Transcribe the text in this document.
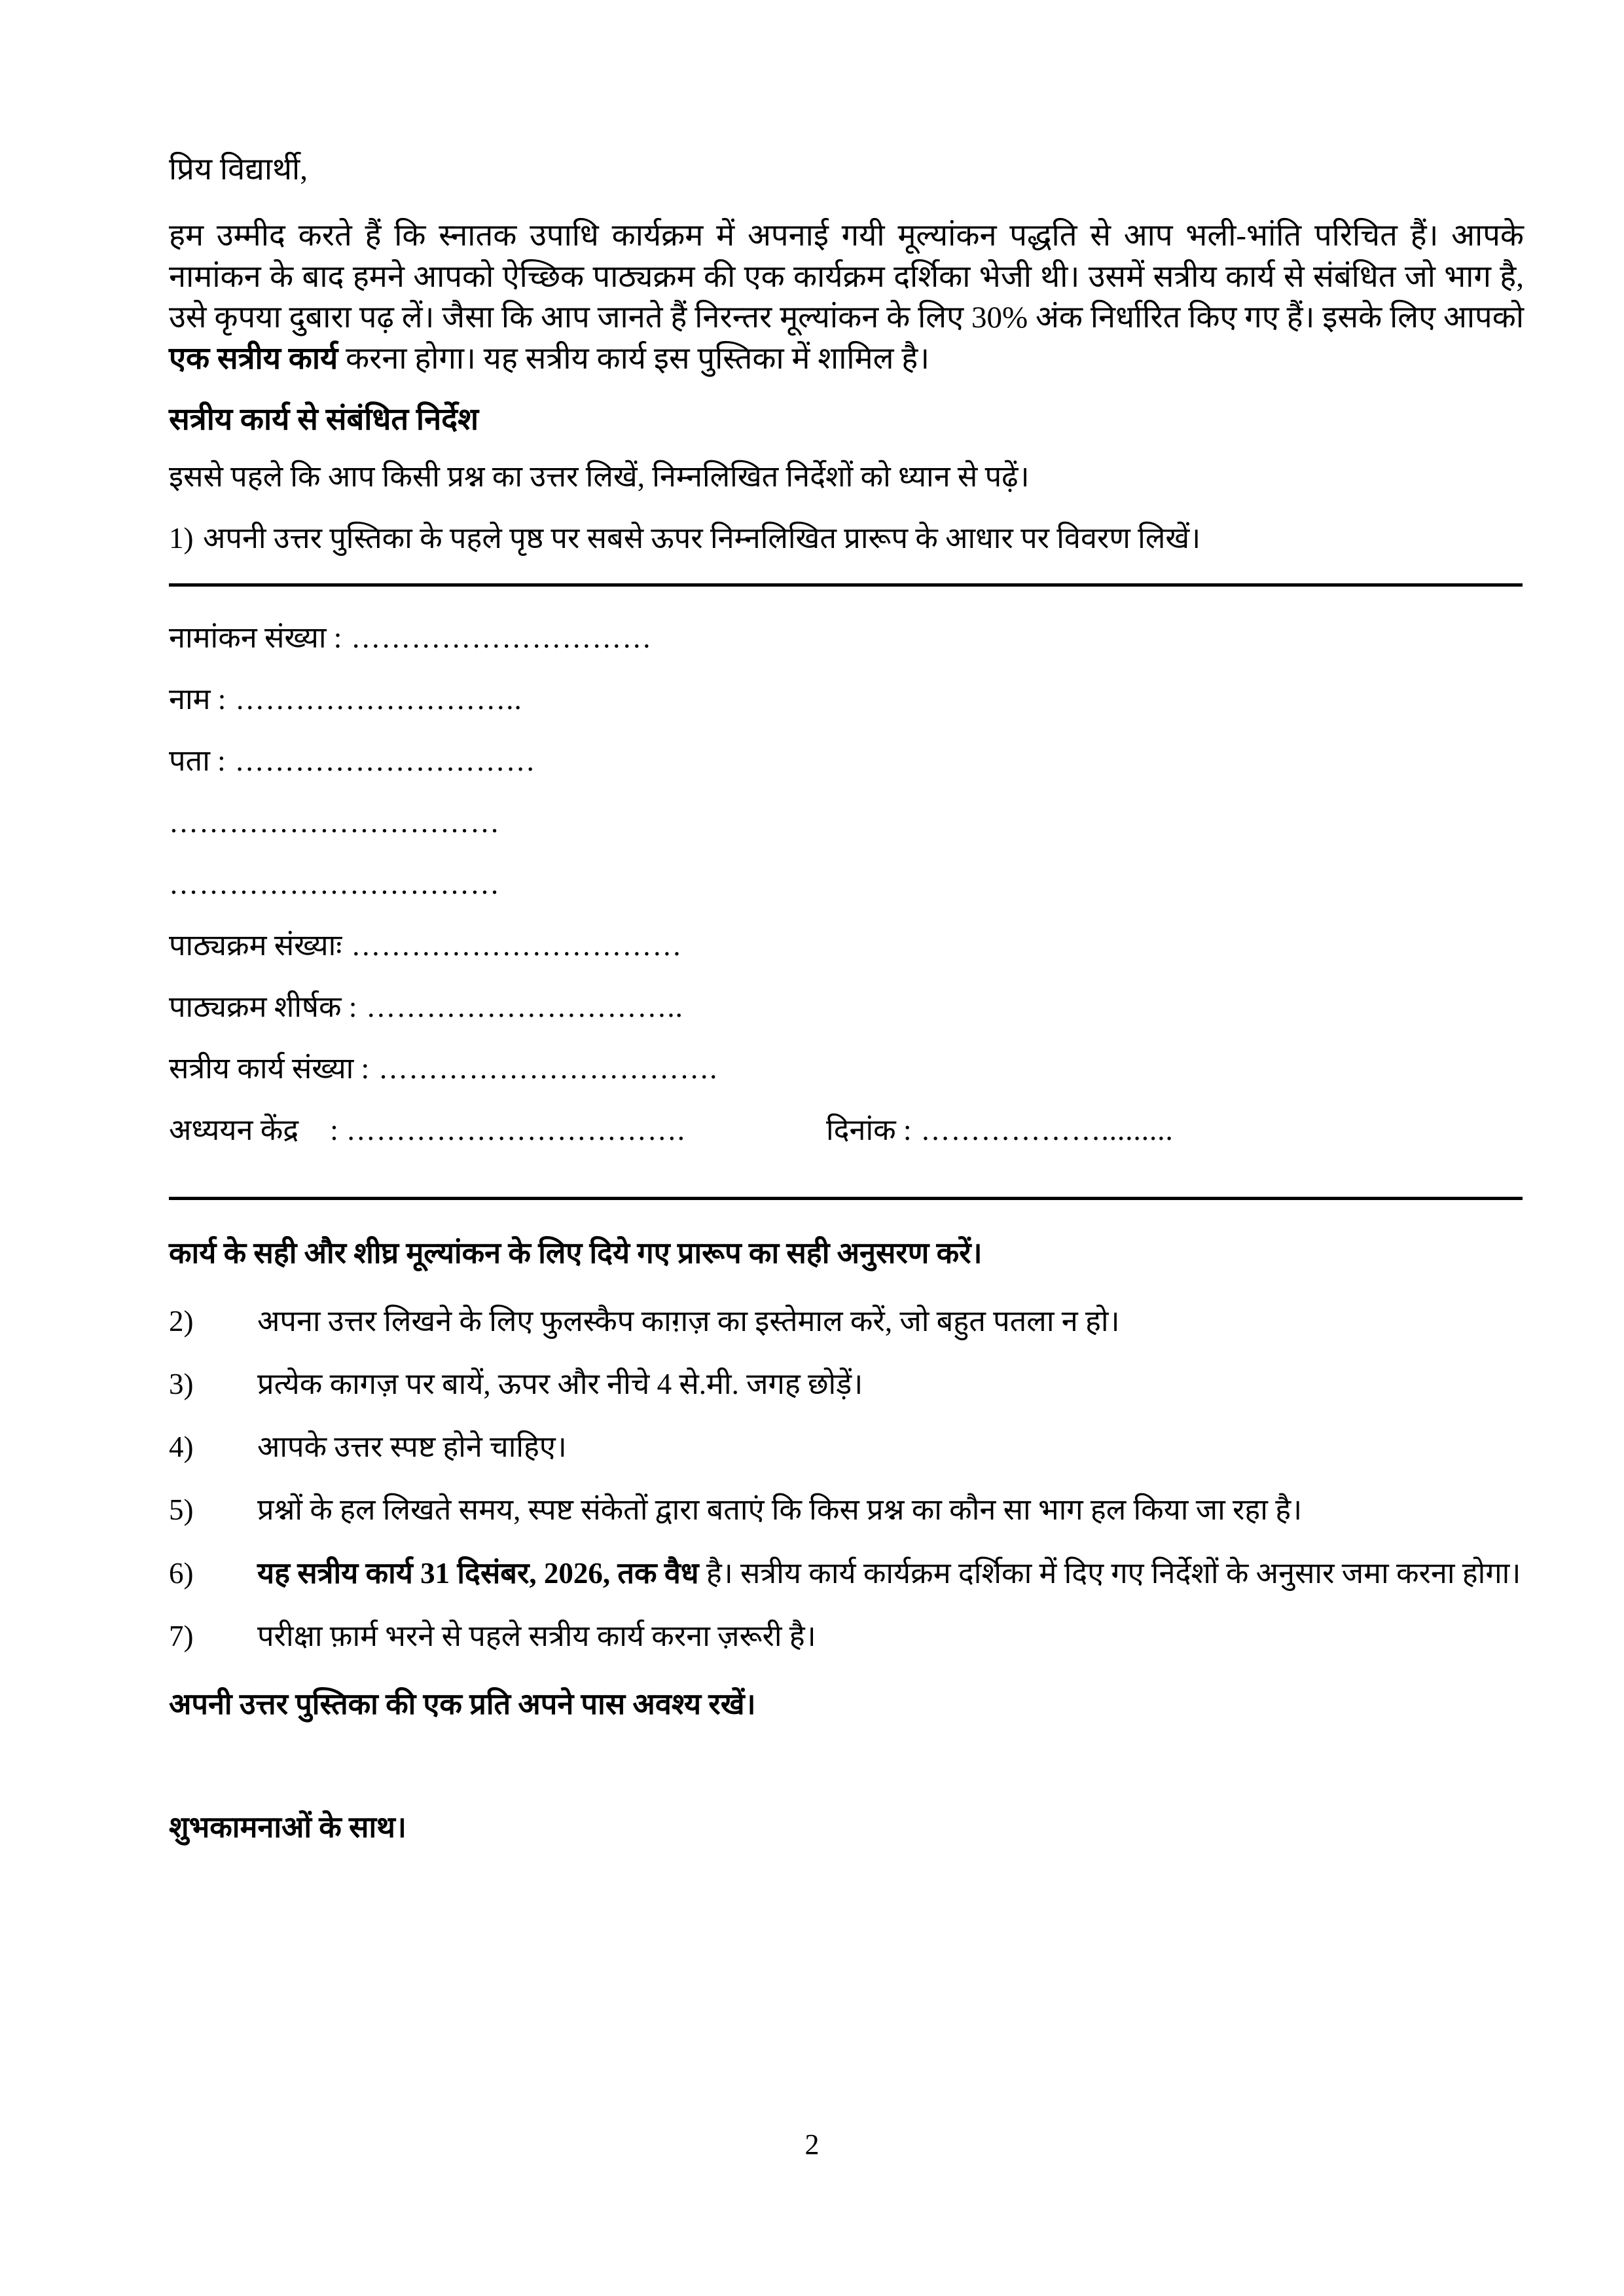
प्रिय विद्यार्थी,

हम उम्मीद करते हैं कि स्नातक उपाधि कार्यक्रम में अपनाई गयी मूल्यांकन पद्धति से आप भली-भांति परिचित हैं। आपके नामांकन के बाद हमने आपको ऐच्छिक पाठ्यक्रम की एक कार्यक्रम दर्शिका भेजी थी। उसमें सत्रीय कार्य से संबंधित जो भाग है, उसे कृपया दुबारा पढ़ लें। जैसा कि आप जानते हैं निरन्तर मूल्यांकन के लिए 30% अंक निर्धारित किए गए हैं। इसके लिए आपको एक सत्रीय कार्य करना होगा। यह सत्रीय कार्य इस पुस्तिका में शामिल है।

सत्रीय कार्य से संबंधित निर्देश

इससे पहले कि आप किसी प्रश्न का उत्तर लिखें, निम्नलिखित निर्देशों को ध्यान से पढ़ें।

1) अपनी उत्तर पुस्तिका के पहले पृष्ठ पर सबसे ऊपर निम्नलिखित प्रारूप के आधार पर विवरण लिखें।
नामांकन संख्या : …………………………
नाम : ………………………..
पता : …………………………
……………………………
……………………………
पाठ्यक्रम संख्याः ……………………………
पाठ्यक्रम शीर्षक : …………………………..
सत्रीय कार्य संख्या : …………………………….
अध्ययन केंद्र : …………………………….	दिनांक : ……………….........

कार्य के सही और शीघ्र मूल्यांकन के लिए दिये गए प्रारूप का सही अनुसरण करें।

2)	अपना उत्तर लिखने के लिए फुलस्कैप काग़ज़ का इस्तेमाल करें, जो बहुत पतला न हो।
3)	प्रत्येक कागज़ पर बायें, ऊपर और नीचे 4 से.मी. जगह छोड़ें।
4)	आपके उत्तर स्पष्ट होने चाहिए।
5)	प्रश्नों के हल लिखते समय, स्पष्ट संकेतों द्वारा बताएं कि किस प्रश्न का कौन सा भाग हल किया जा रहा है।
6)	यह सत्रीय कार्य 31 दिसंबर, 2026, तक वैध है। सत्रीय कार्य कार्यक्रम दर्शिका में दिए गए निर्देशों के अनुसार जमा करना होगा।
7)	परीक्षा फ़ार्म भरने से पहले सत्रीय कार्य करना ज़रूरी है।

अपनी उत्तर पुस्तिका की एक प्रति अपने पास अवश्य रखें।

शुभकामनाओं के साथ।

2
